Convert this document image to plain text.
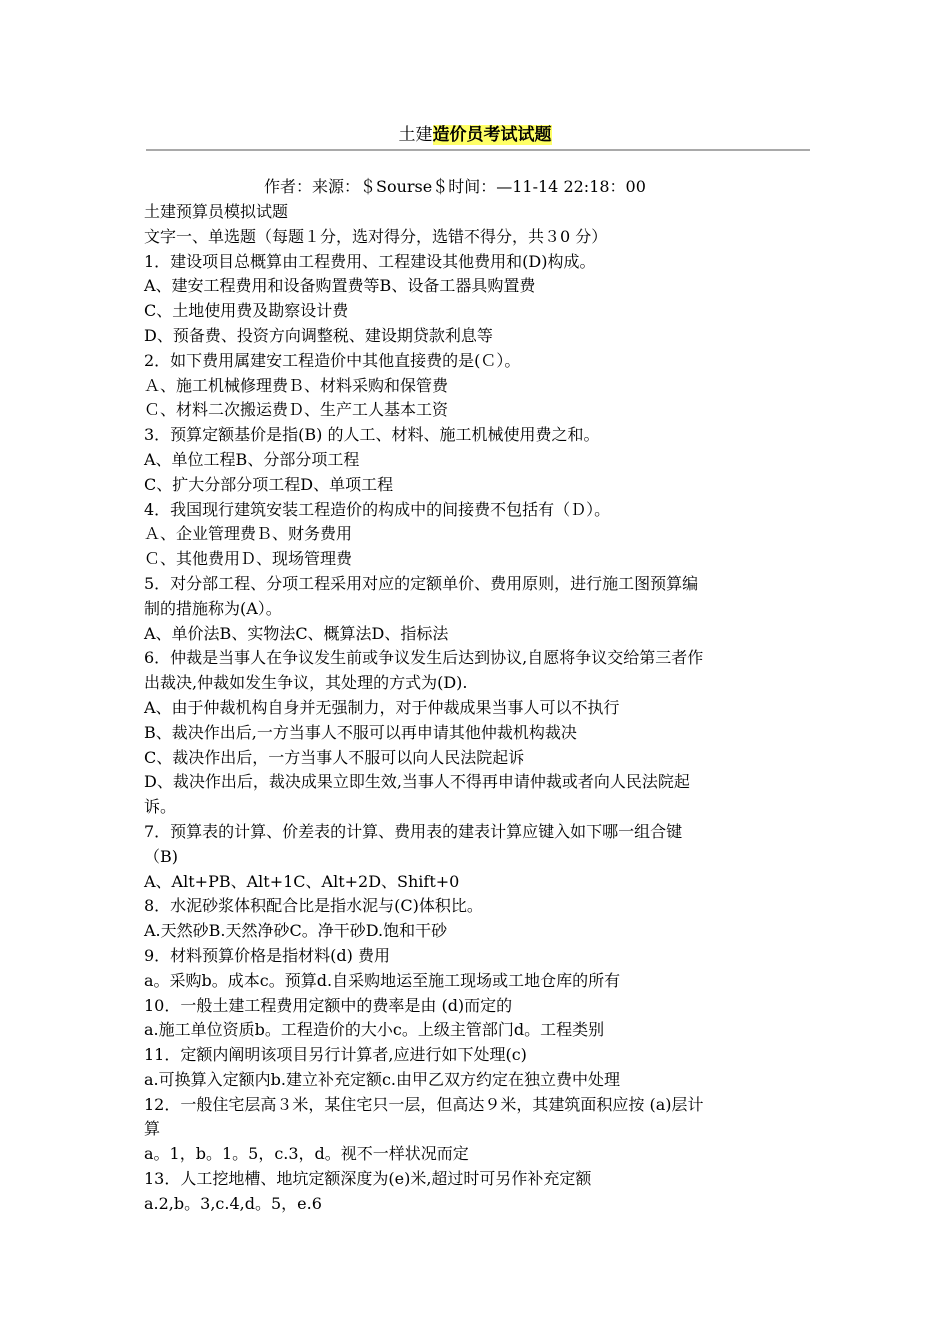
土建造价员考试试题
作者：来源：＄Sourse＄时间：—11-14 22:18：00
土建预算员模拟试题
文字一、单选题（每题１分，选对得分，选错不得分，共３0 分）
1．建设项目总概算由工程费用、工程建设其他费用和(D)构成。
A、建安工程费用和设备购置费等B、设备工器具购置费
C、土地使用费及勘察设计费
D、预备费、投资方向调整税、建设期贷款利息等
2．如下费用属建安工程造价中其他直接费的是(Ｃ）。
Ａ、施工机械修理费Ｂ、材料采购和保管费
Ｃ、材料二次搬运费Ｄ、生产工人基本工资
3．预算定额基价是指(B) 的人工、材料、施工机械使用费之和。
A、单位工程B、分部分项工程
C、扩大分部分项工程D、单项工程
4．我国现行建筑安装工程造价的构成中的间接费不包括有（Ｄ）。
Ａ、企业管理费Ｂ、财务费用
Ｃ、其他费用Ｄ、现场管理费
5．对分部工程、分项工程采用对应的定额单价、费用原则，进行施工图预算编
制的措施称为(A）。
A、单价法B、实物法C、概算法D、指标法
6．仲裁是当事人在争议发生前或争议发生后达到协议,自愿将争议交给第三者作
出裁决,仲裁如发生争议，其处理的方式为(D).
A、由于仲裁机构自身并无强制力，对于仲裁成果当事人可以不执行
B、裁决作出后,一方当事人不服可以再申请其他仲裁机构裁决
C、裁决作出后，一方当事人不服可以向人民法院起诉
D、裁决作出后，裁决成果立即生效,当事人不得再申请仲裁或者向人民法院起
诉。
7．预算表的计算、价差表的计算、费用表的建表计算应键入如下哪一组合键
（B)
A、Alt+PB、Alt+1C、Alt+2D、Shift+0
8．水泥砂浆体积配合比是指水泥与(C)体积比。
A.天然砂B.天然净砂C。净干砂D.饱和干砂
9．材料预算价格是指材料(d) 费用
a。采购b。成本c。预算d.自采购地运至施工现场或工地仓库的所有
10．一般土建工程费用定额中的费率是由 (d)而定的
a.施工单位资质b。工程造价的大小c。上级主管部门d。工程类别
11．定额内阐明该项目另行计算者,应进行如下处理(c)
a.可换算入定额内b.建立补充定额c.由甲乙双方约定在独立费中处理
12．一般住宅层高３米，某住宅只一层，但高达９米，其建筑面积应按 (a)层计
算
a。1，b。1。5，c.3，d。视不一样状况而定
13．人工挖地槽、地坑定额深度为(e)米,超过时可另作补充定额
a.2,b。3,c.4,d。5，e.6
